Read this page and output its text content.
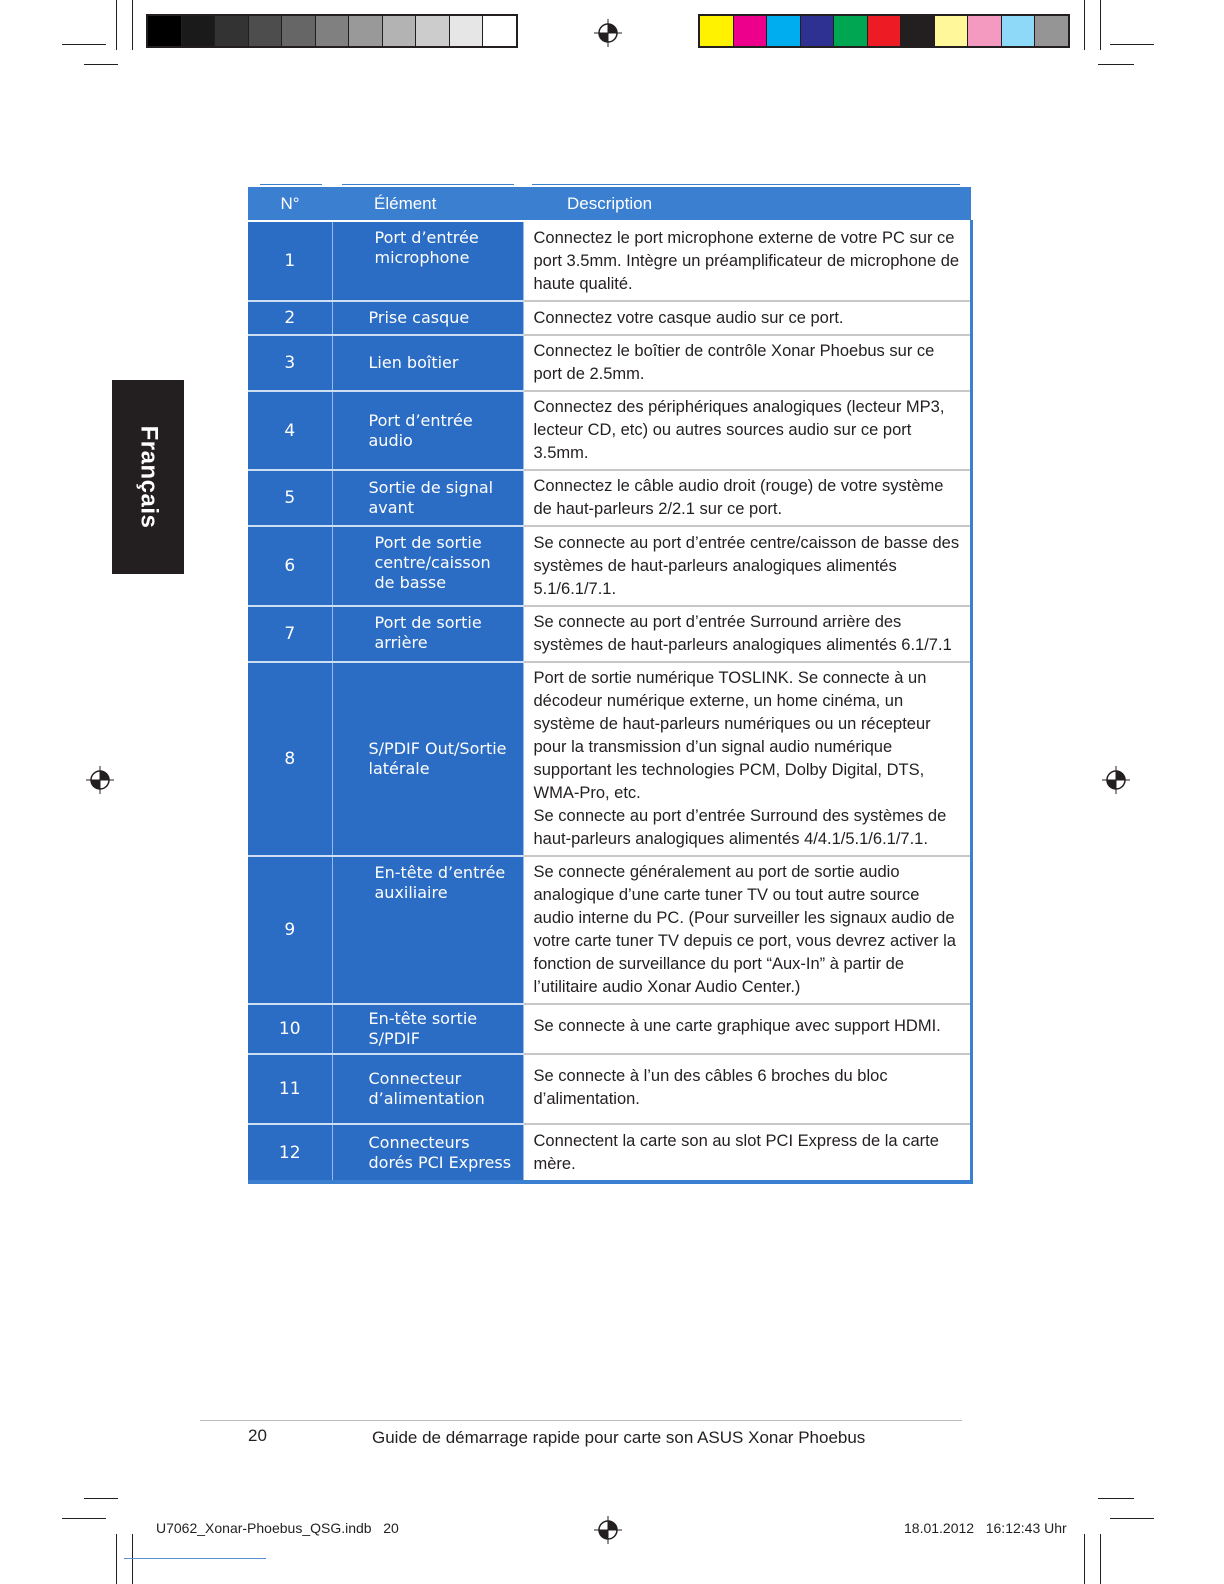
Français
N°	Élément	Description
1	Port d’entrée microphone	Connectez le port microphone externe de votre PC sur ce port 3.5mm. Intègre un préamplificateur de microphone de haute qualité.

2	Prise casque	Connectez votre casque audio sur ce port.

3	Lien boîtier	Connectez le boîtier de contrôle Xonar Phoebus sur ce port de 2.5mm.

4	Port d’entrée audio	Connectez des périphériques analogiques (lecteur MP3, lecteur CD, etc) ou autres sources audio sur ce port 3.5mm.

5	Sortie de signal avant	Connectez le câble audio droit (rouge) de votre système de haut-parleurs 2/2.1 sur ce port.

6	Port de sortie centre/caisson de basse	Se connecte au port d’entrée centre/caisson de basse des systèmes de haut-parleurs analogiques alimentés 5.1/6.1/7.1.

7	Port de sortie arrière	Se connecte au port d’entrée Surround arrière des systèmes de haut-parleurs analogiques alimentés 6.1/7.1

8	S/PDIF Out/Sortie latérale	Port de sortie numérique TOSLINK. Se connecte à un décodeur numérique externe, un home cinéma, un système de haut-parleurs numériques ou un récepteur pour la transmission d’un signal audio numérique supportant les technologies PCM, Dolby Digital, DTS, WMA-Pro, etc.
Se connecte au port d’entrée Surround des systèmes de haut-parleurs analogiques alimentés 4/4.1/5.1/6.1/7.1.

9	En-tête d’entrée auxiliaire	Se connecte généralement au port de sortie audio analogique d’une carte tuner TV ou tout autre source audio interne du PC. (Pour surveiller les signaux audio de votre carte tuner TV depuis ce port, vous devrez activer la fonction de surveillance du port “Aux-In” à partir de l’utilitaire audio Xonar Audio Center.)

10	En-tête sortie S/PDIF	Se connecte à une carte graphique avec support HDMI.

11	Connecteur d’alimentation	Se connecte à l’un des câbles 6 broches du bloc d’alimentation.

12	Connecteurs dorés PCI Express	Connectent la carte son au slot PCI Express de la carte mère.
20	Guide de démarrage rapide pour carte son ASUS Xonar Phoebus
U7062_Xonar-Phoebus_QSG.indb   20	18.01.2012   16:12:43 Uhr
